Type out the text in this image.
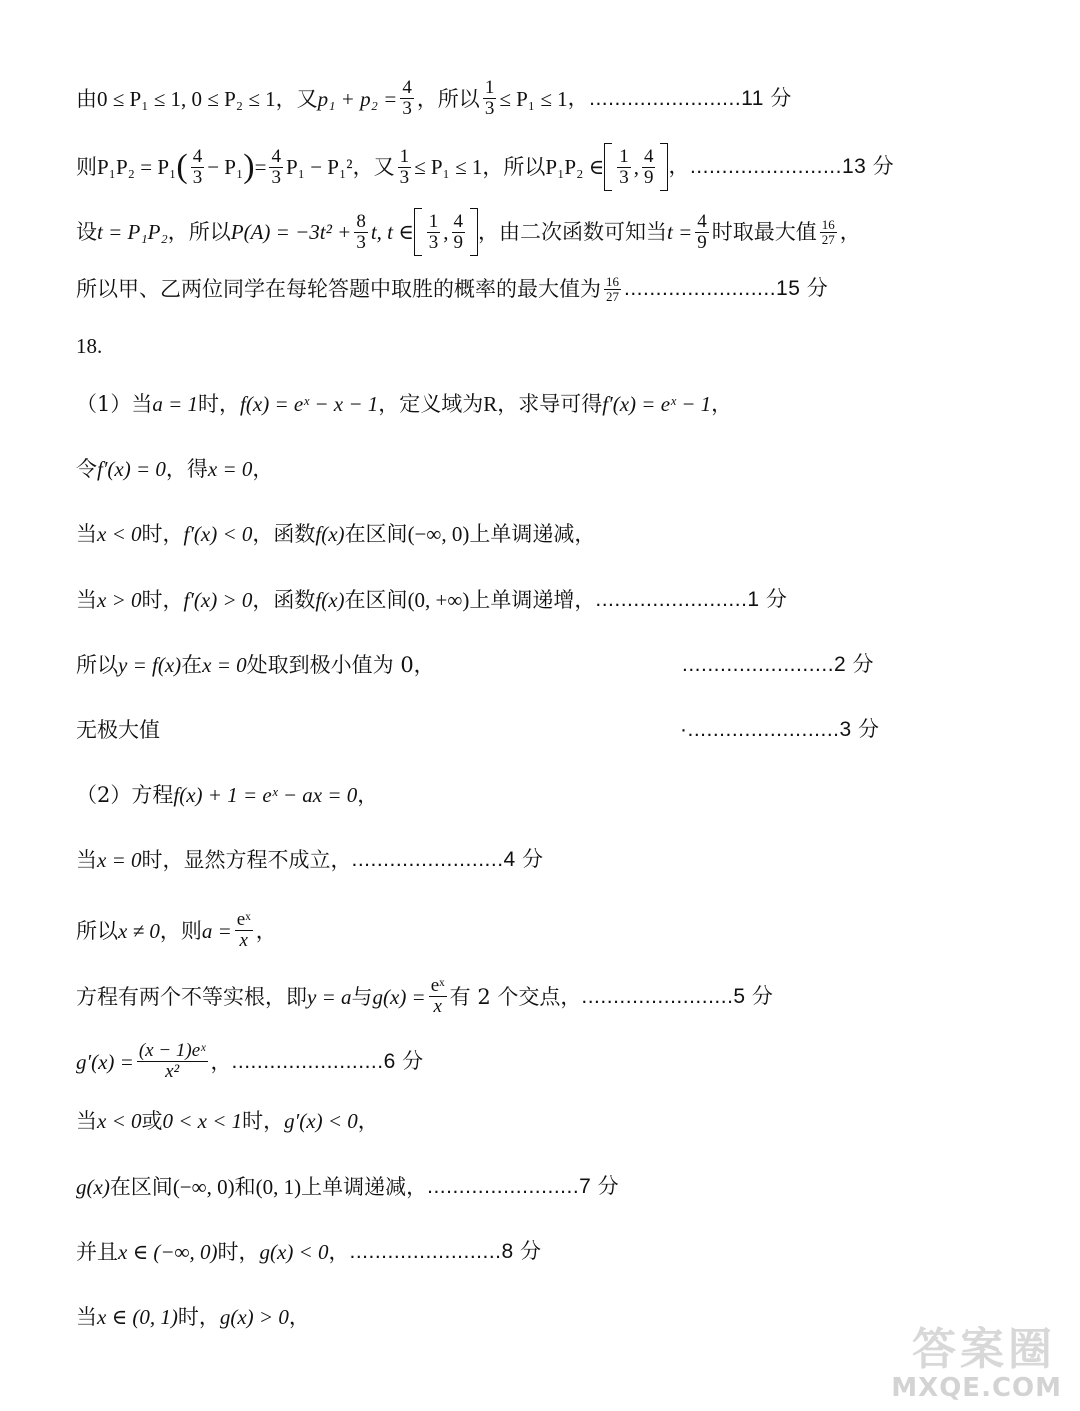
由 0 ≤ P₁ ≤ 1, 0 ≤ P₂ ≤ 1 ，又 $p_1 + p_2 = \frac{4}{3}$ ，所以 $\frac{1}{3} \le P_1 \le 1$ ，........................ 11 分
则 P₁P₂ = P₁ ( $\frac{4}{3} - P_1$ ) = $\frac{4}{3} P_1 - P_1^2$ ，又 $\frac{1}{3} \le P_1 \le 1$ ，所以 P₁P₂ ∈ $\frac{1}{3}$ , $\frac{4}{9}$ ，........................ 13 分
设 t = P₁P₂ ，所以 $P(A) = -3t^2 + \frac{8}{3} t$, t ∈ $\frac{1}{3}$ , $\frac{4}{9}$ ，由二次函数可知当 $t = \frac{4}{9}$ 时取最大值 $\frac{16}{27}$ ，
所以甲、乙两位同学在每轮答题中取胜的概率的最大值为 $\frac{16}{27}$ ........................ 15 分
18.
（1）当 a = 1 时， f(x) = eˣ − x − 1 ，定义域为 R ，求导可得 f′(x) = eˣ − 1 ，
令 f′(x) = 0 ，得 x = 0 ，
当 x < 0 时， f′(x) < 0 ，函数 f(x) 在区间 (−∞, 0) 上单调递减，
当 x > 0 时， f′(x) > 0 ，函数 f(x) 在区间 (0, +∞) 上单调递增， ........................ 1 分
所以 y = f(x) 在 x = 0 处取到极小值为 0，	........................ 2 分
无极大值	·........................ 3 分
（2）方程 f(x) + 1 = eˣ − ax = 0 ，
当 x = 0 时，显然方程不成立， ........................ 4 分
所以 x ≠ 0 ，则 $a = \frac{\text{eˣ}}{x}$ ，
方程有两个不等实根，即 y = a 与 $g(x) = \frac{\text{eˣ}}{x}$ 有 2 个交点， ........................ 5 分
$g'(x) = \frac{\text{(x − 1)eˣ}}{\text{x²}}$ ， ........................ 6 分
当 x < 0 或 0 < x < 1 时， g′(x) < 0 ，
g(x) 在区间 (−∞, 0) 和 (0, 1) 上单调递减， ........................ 7 分
并且 x ∈ (−∞, 0) 时， g(x) < 0 ， ........................ 8 分
当 x ∈ (0, 1) 时， g(x) > 0 ，
答案圈
MXQE.COM
